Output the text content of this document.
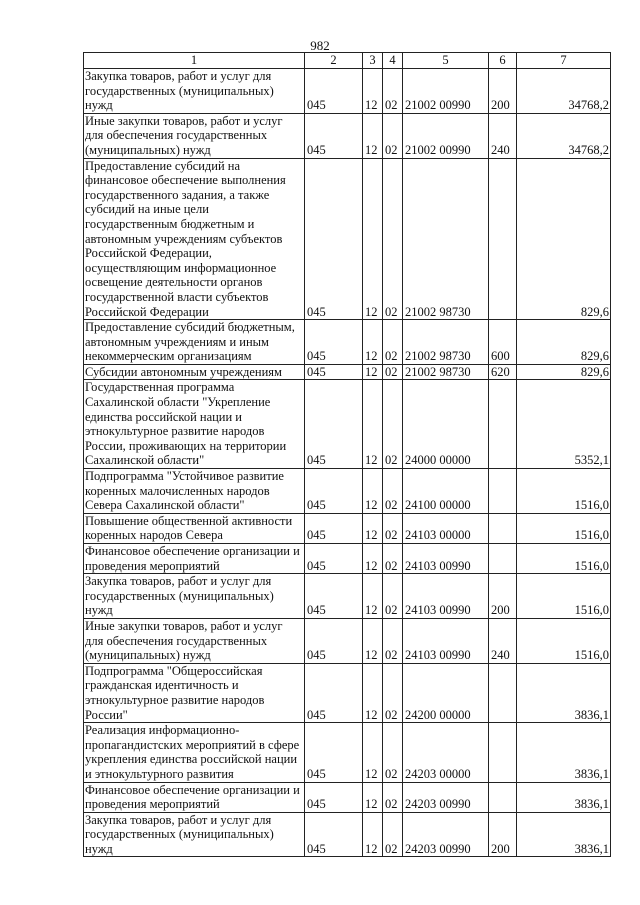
982
1	2	3	4	5	6	7
Закупка товаров, работ и услуг для государственных (муниципальных) нужд	045	12	02	21002 00990	200	34768,2
Иные закупки товаров, работ и услуг для обеспечения государственных (муниципальных) нужд	045	12	02	21002 00990	240	34768,2
Предоставление субсидий на финансовое обеспечение выполнения государственного задания, а также субсидий на иные цели государственным бюджетным и автономным учреждениям субъектов Российской Федерации, осуществляющим информационное освещение деятельности органов государственной власти субъектов Российской Федерации	045	12	02	21002 98730		829,6
Предоставление субсидий бюджетным, автономным учреждениям и иным некоммерческим организациям	045	12	02	21002 98730	600	829,6
Субсидии автономным учреждениям	045	12	02	21002 98730	620	829,6
Государственная программа Сахалинской области "Укрепление единства российской нации и этнокультурное развитие народов России, проживающих на территории Сахалинской области"	045	12	02	24000 00000		5352,1
Подпрограмма "Устойчивое развитие коренных малочисленных народов Севера Сахалинской области"	045	12	02	24100 00000		1516,0
Повышение общественной активности коренных народов Севера	045	12	02	24103 00000		1516,0
Финансовое обеспечение организации и проведения мероприятий	045	12	02	24103 00990		1516,0
Закупка товаров, работ и услуг для государственных (муниципальных) нужд	045	12	02	24103 00990	200	1516,0
Иные закупки товаров, работ и услуг для обеспечения государственных (муниципальных) нужд	045	12	02	24103 00990	240	1516,0
Подпрограмма "Общероссийская гражданская идентичность и этнокультурное развитие народов России"	045	12	02	24200 00000		3836,1
Реализация информационно-пропагандистских мероприятий в сфере укрепления единства российской нации и этнокультурного развития	045	12	02	24203 00000		3836,1
Финансовое обеспечение организации и проведения мероприятий	045	12	02	24203 00990		3836,1
Закупка товаров, работ и услуг для государственных (муниципальных) нужд	045	12	02	24203 00990	200	3836,1
